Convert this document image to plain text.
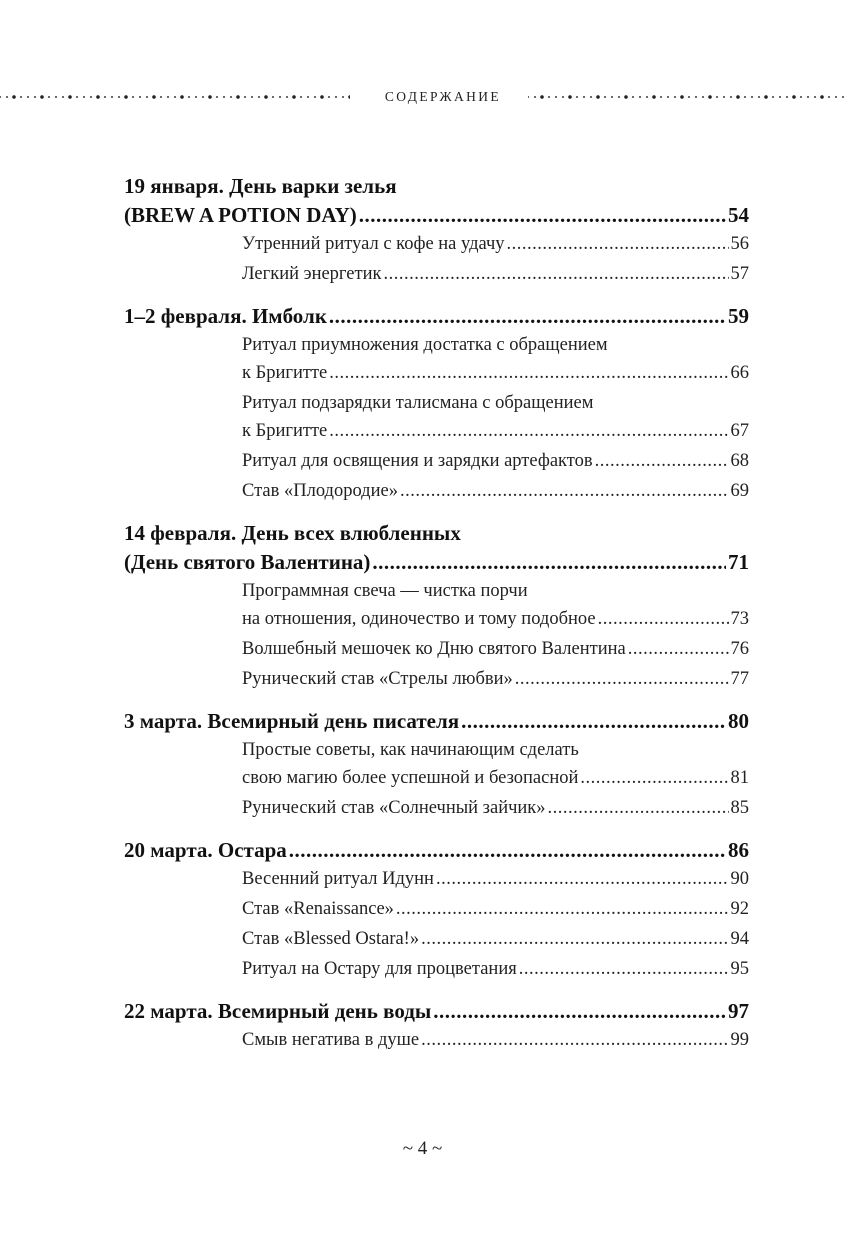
СОДЕРЖАНИЕ
19 января. День варки зелья
(BREW A POTION DAY) .....	54
Утренний ритуал с кофе на удачу .....	56
Легкий энергетик .....	57
1–2 февраля. Имболк .....	59
Ритуал приумножения достатка с обращением
к Бригитте .....	66
Ритуал подзарядки талисмана с обращением
к Бригитте .....	67
Ритуал для освящения и зарядки артефактов .....	68
Став «Плодородие» .....	69
14 февраля. День всех влюбленных
(День святого Валентина) .....	71
Программная свеча — чистка порчи
на отношения, одиночество и тому подобное .....	73
Волшебный мешочек ко Дню святого Валентина .....	76
Рунический став «Стрелы любви» .....	77
3 марта. Всемирный день писателя .....	80
Простые советы, как начинающим сделать
свою магию более успешной и безопасной .....	81
Рунический став «Солнечный зайчик» .....	85
20 марта. Остара .....	86
Весенний ритуал Идунн .....	90
Став «Renaissance» .....	92
Став «Blessed Ostara!» .....	94
Ритуал на Остару для процветания .....	95
22 марта. Всемирный день воды .....	97
Смыв негатива в душе .....	99
~ 4 ~
